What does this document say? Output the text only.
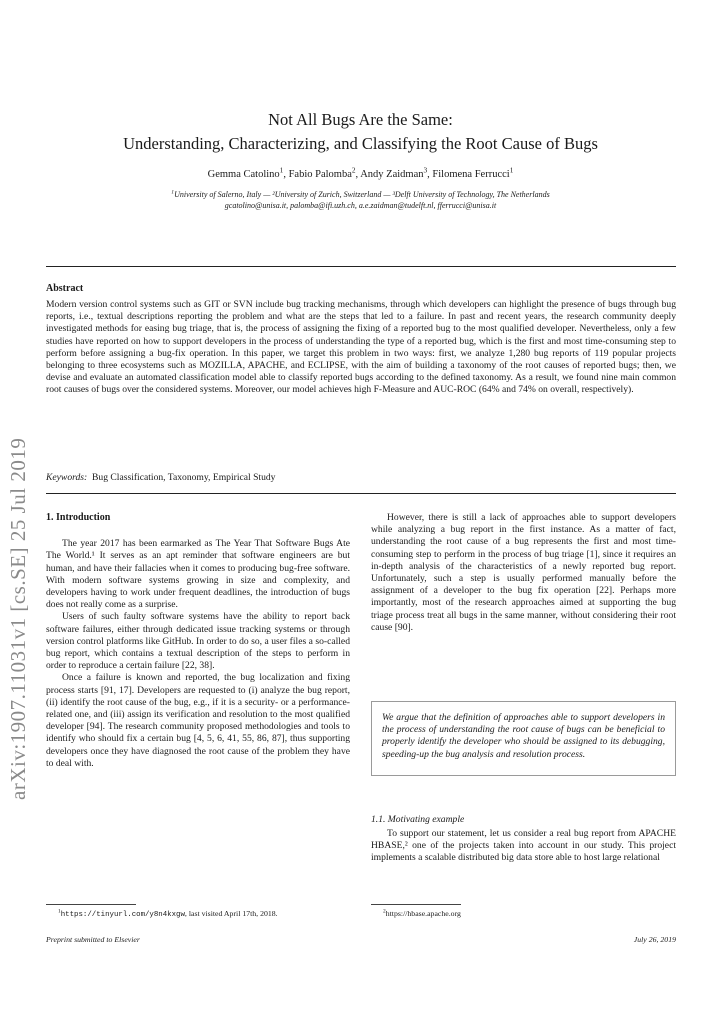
Not All Bugs Are the Same:
Understanding, Characterizing, and Classifying the Root Cause of Bugs
Gemma Catolino$^1$, Fabio Palomba$^2$, Andy Zaidman$^3$, Filomena Ferrucci$^1$
$^1$University of Salerno, Italy — ²University of Zurich, Switzerland — ³Delft University of Technology, The Netherlands
gcatolino@unisa.it, palomba@ifi.uzh.ch, a.e.zaidman@tudelft.nl, fferrucci@unisa.it
Abstract
Modern version control systems such as GIT or SVN include bug tracking mechanisms, through which developers can highlight the presence of bugs through bug reports, i.e., textual descriptions reporting the problem and what are the steps that led to a failure. In past and recent years, the research community deeply investigated methods for easing bug triage, that is, the process of assigning the fixing of a reported bug to the most qualified developer. Nevertheless, only a few studies have reported on how to support developers in the process of understanding the type of a reported bug, which is the first and most time-consuming step to perform before assigning a bug-fix operation. In this paper, we target this problem in two ways: first, we analyze 1,280 bug reports of 119 popular projects belonging to three ecosystems such as MOZILLA, APACHE, and ECLIPSE, with the aim of building a taxonomy of the root causes of reported bugs; then, we devise and evaluate an automated classification model able to classify reported bugs according to the defined taxonomy. As a result, we found nine main common root causes of bugs over the considered systems. Moreover, our model achieves high F-Measure and AUC-ROC (64% and 74% on overall, respectively).
Keywords: Bug Classification, Taxonomy, Empirical Study
arXiv:1907.11031v1 [cs.SE] 25 Jul 2019	1. Introduction

The year 2017 has been earmarked as The Year That Software Bugs Ate The World.¹ It serves as an apt reminder that software engineers are but human, and have their fallacies when it comes to producing bug-free software. With modern software systems growing in size and complexity, and developers having to work under frequent deadlines, the introduction of bugs does not really come as a surprise.

Users of such faulty software systems have the ability to report back software failures, either through dedicated issue tracking systems or through version control platforms like GitHub. In order to do so, a user files a so-called bug report, which contains a textual description of the steps to perform in order to reproduce a certain failure [22, 38].

Once a failure is known and reported, the bug localization and fixing process starts [91, 17]. Developers are requested to (i) analyze the bug report, (ii) identify the root cause of the bug, e.g., if it is a security- or a performance-related one, and (iii) assign its verification and resolution to the most qualified developer [94]. The research community proposed methodologies and tools to identify who should fix a certain bug [4, 5, 6, 41, 55, 86, 87], thus supporting developers once they have diagnosed the root cause of the problem they have to deal with.

However, there is still a lack of approaches able to support developers while analyzing a bug report in the first instance. As a matter of fact, understanding the root cause of a bug represents the first and most time-consuming step to perform in the process of bug triage [1], since it requires an in-depth analysis of the characteristics of a newly reported bug report. Unfortunately, such a step is usually performed manually before the assignment of a developer to the bug fix operation [22]. Perhaps more importantly, most of the research approaches aimed at supporting the bug triage process treat all bugs in the same manner, without considering their root cause [90].

We argue that the definition of approaches able to support developers in the process of understanding the root cause of bugs can be beneficial to properly identify the developer who should be assigned to its debugging, speeding-up the bug analysis and resolution process.
1.1. Motivating example

To support our statement, let us consider a real bug report from APACHE HBASE,² one of the projects taken into account in our study. This project implements a scalable distributed big data store able to host large relational

$^1$https://tinyurl.com/y8n4kxgw, last visited April 17th, 2018.	$^2$https://hbase.apache.org
Preprint submitted to Elsevier	July 26, 2019
